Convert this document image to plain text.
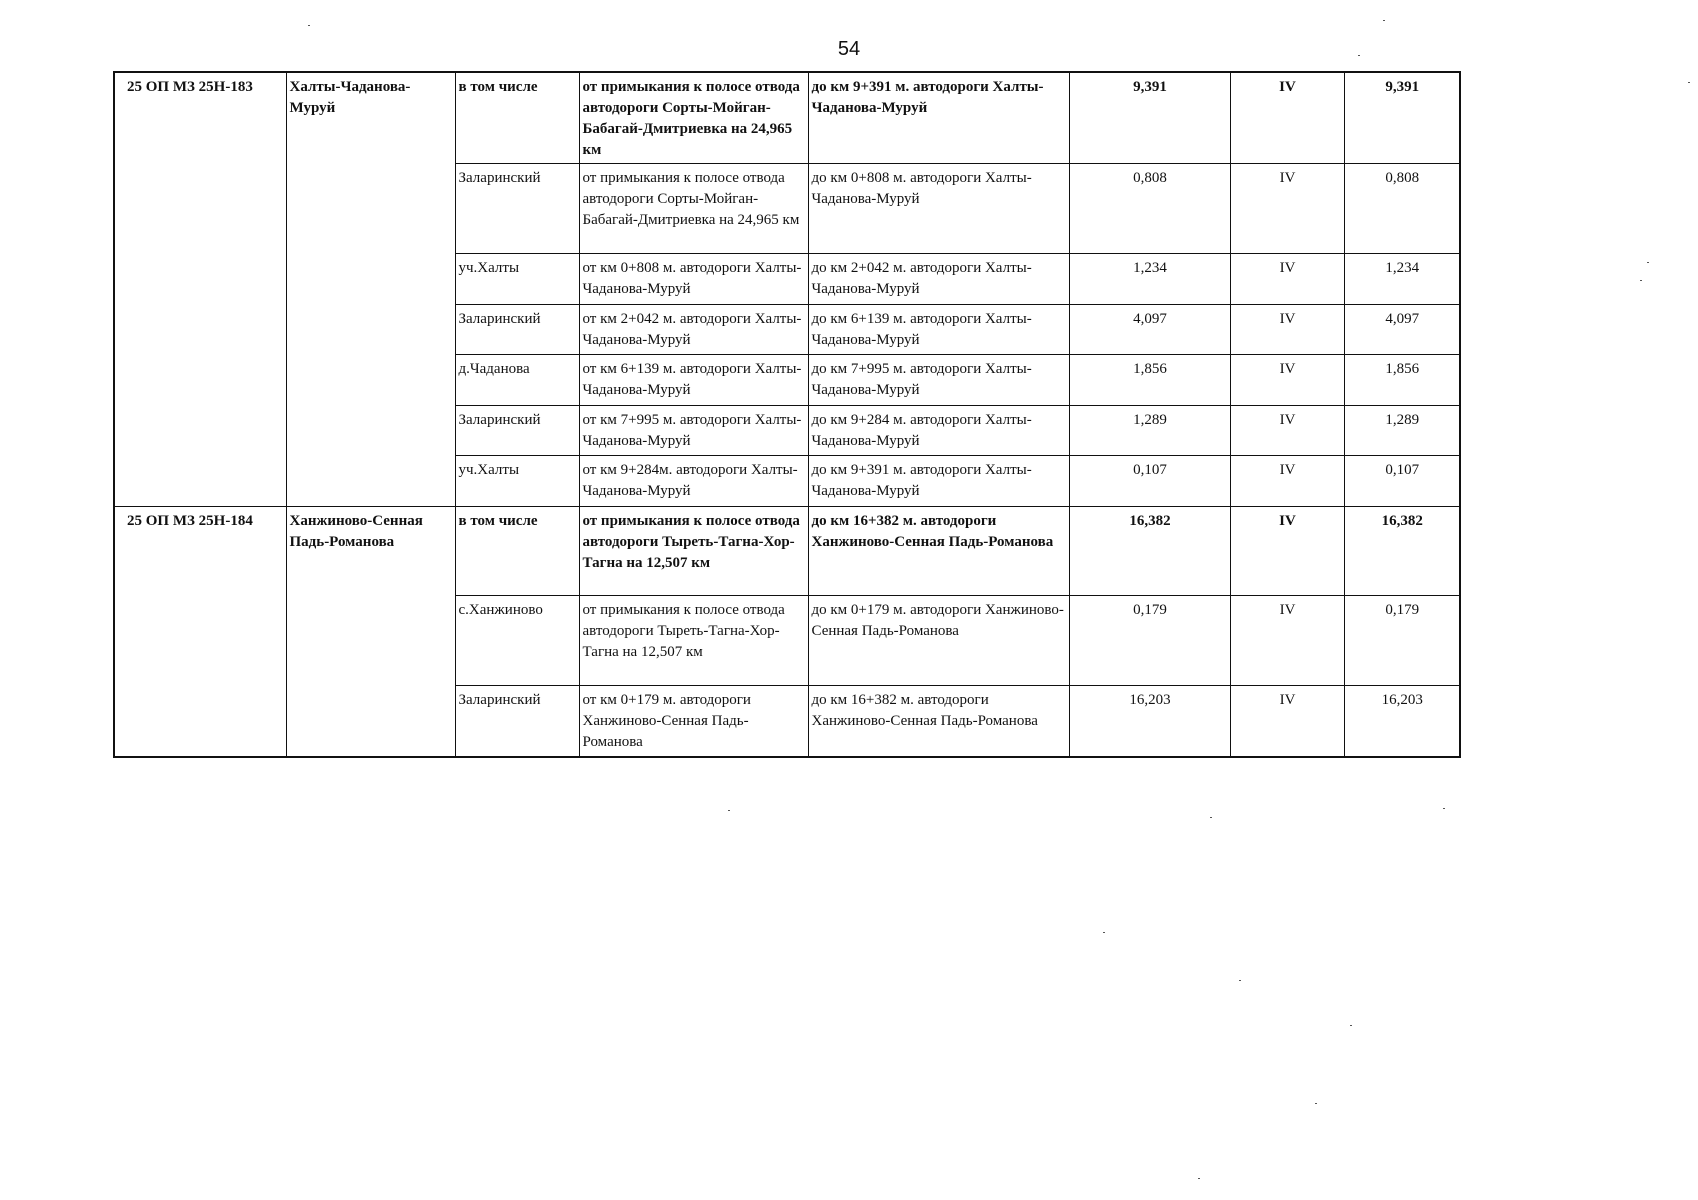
54
25 ОП МЗ 25Н-183	Халты-Чаданова-Муруй	в том числе	от примыкания к полосе отвода автодороги Сорты-Мойган-Бабагай-Дмитриевка на 24,965 км	до км 9+391 м. автодороги Халты-Чаданова-Муруй	9,391	IV	9,391
		Заларинский	от примыкания к полосе отвода автодороги Сорты-Мойган-Бабагай-Дмитриевка на 24,965 км	до км 0+808 м. автодороги Халты-Чаданова-Муруй	0,808	IV	0,808
		уч.Халты	от км 0+808 м. автодороги Халты-Чаданова-Муруй	до км 2+042 м. автодороги Халты-Чаданова-Муруй	1,234	IV	1,234
		Заларинский	от км 2+042 м. автодороги Халты-Чаданова-Муруй	до км 6+139 м. автодороги Халты-Чаданова-Муруй	4,097	IV	4,097
		д.Чаданова	от км 6+139 м. автодороги Халты-Чаданова-Муруй	до км 7+995 м. автодороги Халты-Чаданова-Муруй	1,856	IV	1,856
		Заларинский	от км 7+995 м. автодороги Халты-Чаданова-Муруй	до км 9+284 м. автодороги Халты-Чаданова-Муруй	1,289	IV	1,289
		уч.Халты	от км 9+284м. автодороги Халты-Чаданова-Муруй	до км 9+391 м. автодороги Халты-Чаданова-Муруй	0,107	IV	0,107
25 ОП МЗ 25Н-184	Ханжиново-Сенная Падь-Романова	в том числе	от примыкания к полосе отвода автодороги Тыреть-Тагна-Хор-Тагна на 12,507 км	до км 16+382 м. автодороги Ханжиново-Сенная Падь-Романова	16,382	IV	16,382
		с.Ханжиново	от примыкания к полосе отвода автодороги Тыреть-Тагна-Хор-Тагна на 12,507 км	до км 0+179 м. автодороги Ханжиново-Сенная Падь-Романова	0,179	IV	0,179
		Заларинский	от км 0+179 м. автодороги Ханжиново-Сенная Падь-Романова	до км 16+382 м. автодороги Ханжиново-Сенная Падь-Романова	16,203	IV	16,203
